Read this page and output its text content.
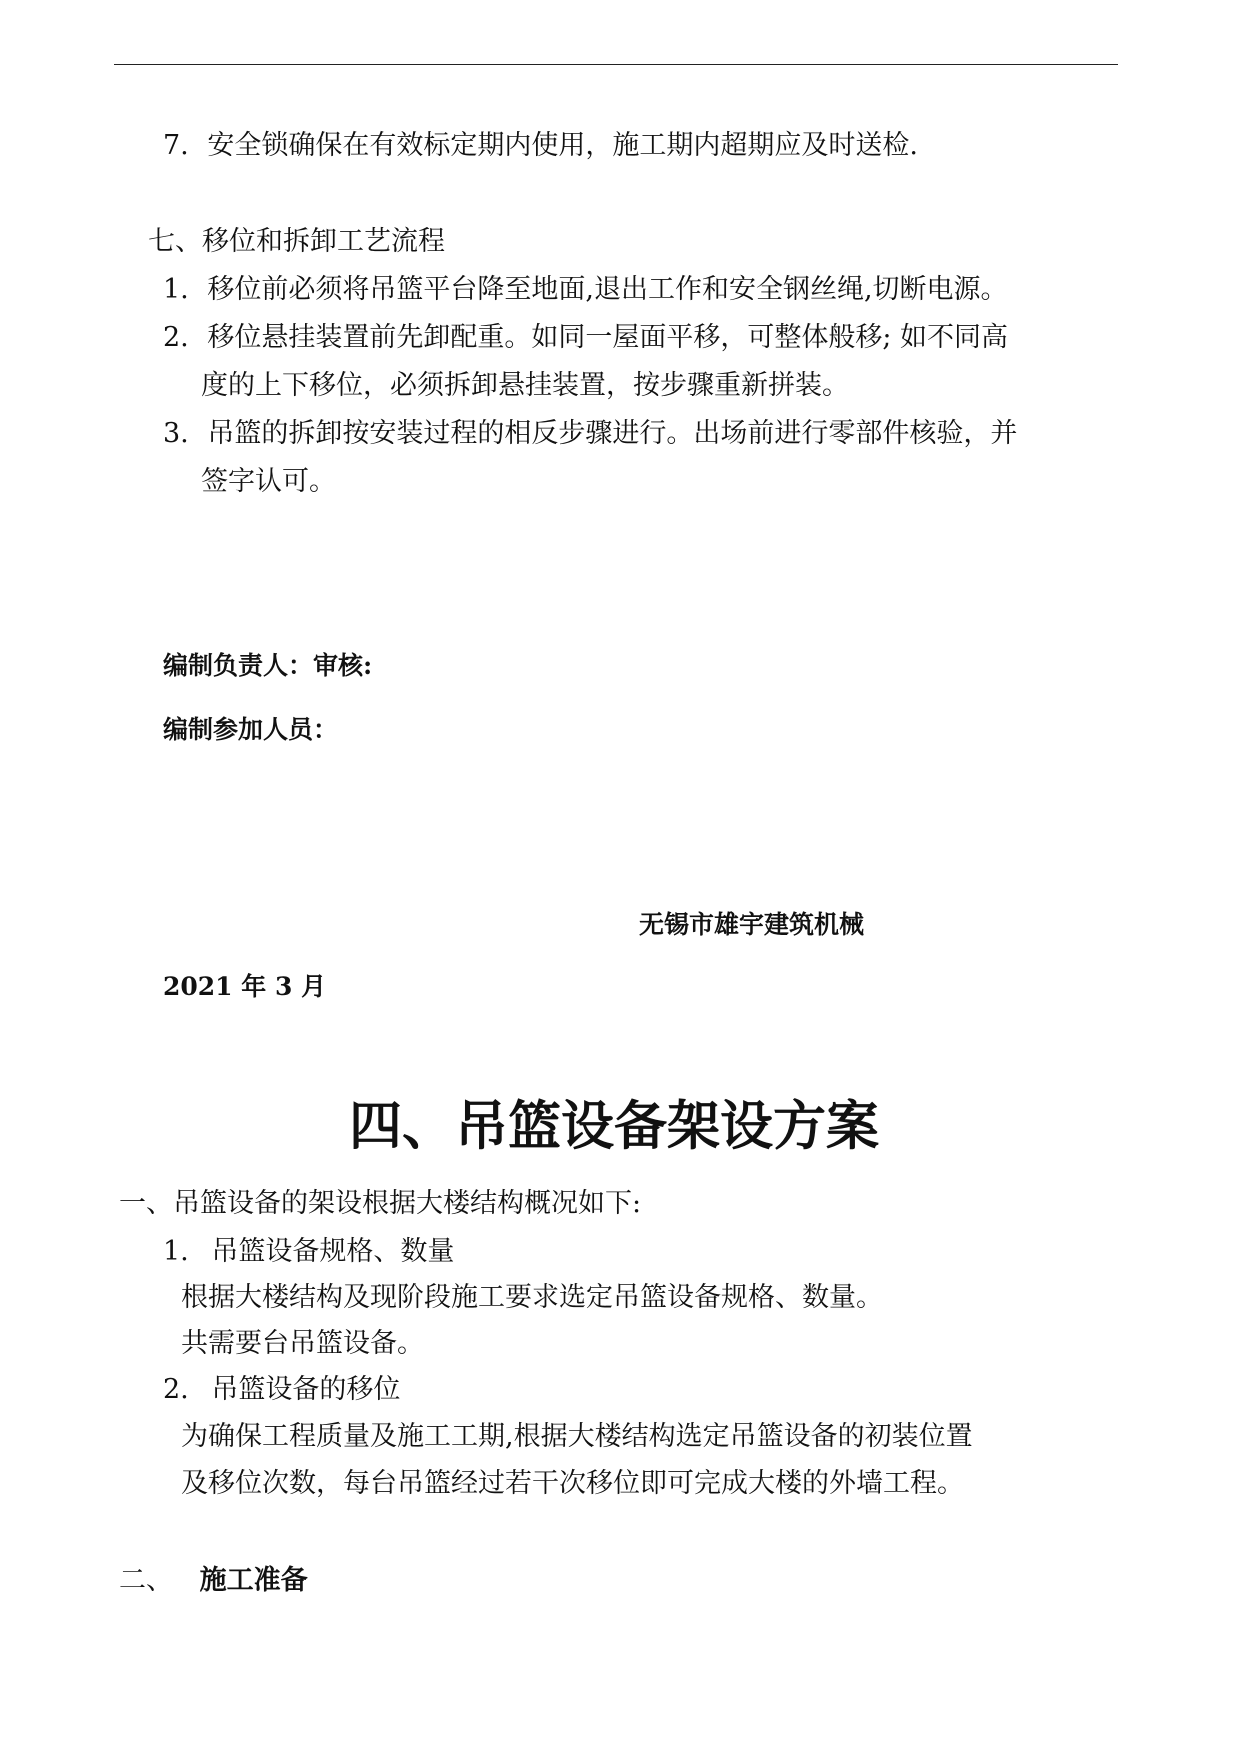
7. 安全锁确保在有效标定期内使用，施工期内超期应及时送检.
七、移位和拆卸工艺流程
1. 移位前必须将吊篮平台降至地面,退出工作和安全钢丝绳,切断电源。
2. 移位悬挂装置前先卸配重。如同一屋面平移，可整体般移; 如不同高
度的上下移位，必须拆卸悬挂装置，按步骤重新拼装。
3. 吊篮的拆卸按安装过程的相反步骤进行。出场前进行零部件核验，并
签字认可。
编制负责人：审核:
编制参加人员：
无锡市雄宇建筑机械
2021 年 3 月
四、吊篮设备架设方案
一、吊篮设备的架设根据大楼结构概况如下:
1. 吊篮设备规格、数量
根据大楼结构及现阶段施工要求选定吊篮设备规格、数量。
共需要台吊篮设备。
2. 吊篮设备的移位
为确保工程质量及施工工期,根据大楼结构选定吊篮设备的初装位置
及移位次数，每台吊篮经过若干次移位即可完成大楼的外墙工程。
二、 施工准备
